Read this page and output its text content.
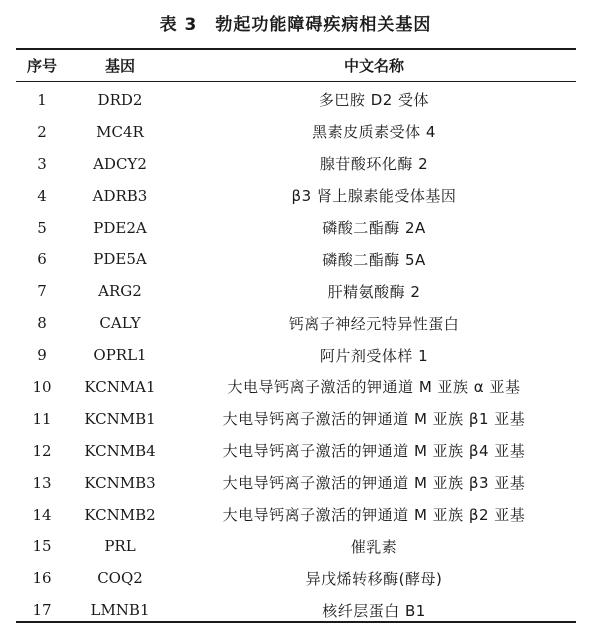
表 3　勃起功能障碍疾病相关基因
序号	基因	中文名称
1	DRD2	多巴胺 D2 受体
2	MC4R	黑素皮质素受体 4
3	ADCY2	腺苷酸环化酶 2
4	ADRB3	β3 肾上腺素能受体基因
5	PDE2A	磷酸二酯酶 2A
6	PDE5A	磷酸二酯酶 5A
7	ARG2	肝精氨酸酶 2
8	CALY	钙离子神经元特异性蛋白
9	OPRL1	阿片剂受体样 1
10	KCNMA1	大电导钙离子激活的钾通道 M 亚族 α 亚基
11	KCNMB1	大电导钙离子激活的钾通道 M 亚族 β1 亚基
12	KCNMB4	大电导钙离子激活的钾通道 M 亚族 β4 亚基
13	KCNMB3	大电导钙离子激活的钾通道 M 亚族 β3 亚基
14	KCNMB2	大电导钙离子激活的钾通道 M 亚族 β2 亚基
15	PRL	催乳素
16	COQ2	异戊烯转移酶(酵母)
17	LMNB1	核纤层蛋白 B1
